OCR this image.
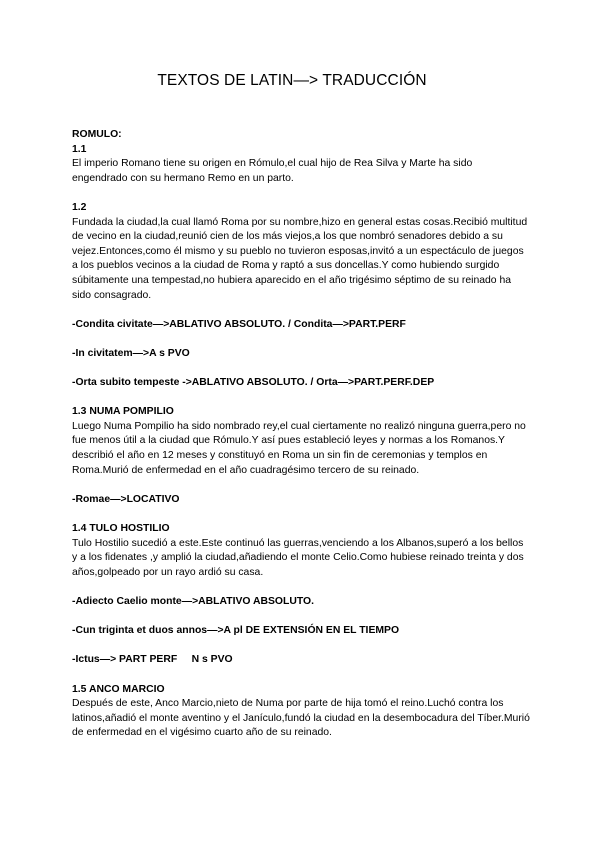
TEXTOS DE LATIN—> TRADUCCIÓN

ROMULO:

1.1

El imperio Romano tiene su origen en Rómulo,el cual hijo de Rea Silva y Marte ha sido engendrado con su hermano Remo en un parto.

1.2

Fundada la ciudad,la cual llamó Roma por su nombre,hizo en general estas cosas.Recibió multitud de vecino en la ciudad,reunió cien de los más viejos,a los que nombró senadores debido a su vejez.Entonces,como él mismo y su pueblo no tuvieron esposas,invitó a un espectáculo de juegos a los pueblos vecinos a la ciudad de Roma y raptó a sus doncellas.Y como hubiendo surgido súbitamente una tempestad,no hubiera aparecido en el año trigésimo séptimo de su reinado ha sido consagrado.

-Condita civitate—>ABLATIVO ABSOLUTO. / Condita—>PART.PERF

-In civitatem—>A s PVO

-Orta subito tempeste ->ABLATIVO ABSOLUTO. / Orta—>PART.PERF.DEP

1.3 NUMA POMPILIO

Luego Numa Pompilio ha sido nombrado rey,el cual ciertamente no realizó ninguna guerra,pero no fue menos útil a la ciudad que Rómulo.Y así pues estableció leyes y normas a los Romanos.Y describió el año en 12 meses y constituyó en Roma un sin fin de ceremonias y templos en Roma.Murió de enfermedad en el año cuadragésimo tercero de su reinado.

-Romae—>LOCATIVO

1.4 TULO HOSTILIO

Tulo Hostilio sucedió a este.Este continuó las guerras,venciendo a los Albanos,superó a los bellos y a los fidenates ,y amplió la ciudad,añadiendo el monte Celio.Como hubiese reinado treinta y dos años,golpeado por un rayo ardió su casa.

-Adiecto Caelio monte—>ABLATIVO ABSOLUTO.

-Cun triginta et duos annos—>A pl DE EXTENSIÓN EN EL TIEMPO

-Ictus—> PART PERF     N s PVO

1.5 ANCO MARCIO

Después de este, Anco Marcio,nieto de Numa por parte de hija tomó el reino.Luchó contra los latinos,añadió el monte aventino y el Janículo,fundó la ciudad en la desembocadura del Tíber.Murió de enfermedad en el vigésimo cuarto año de su reinado.
